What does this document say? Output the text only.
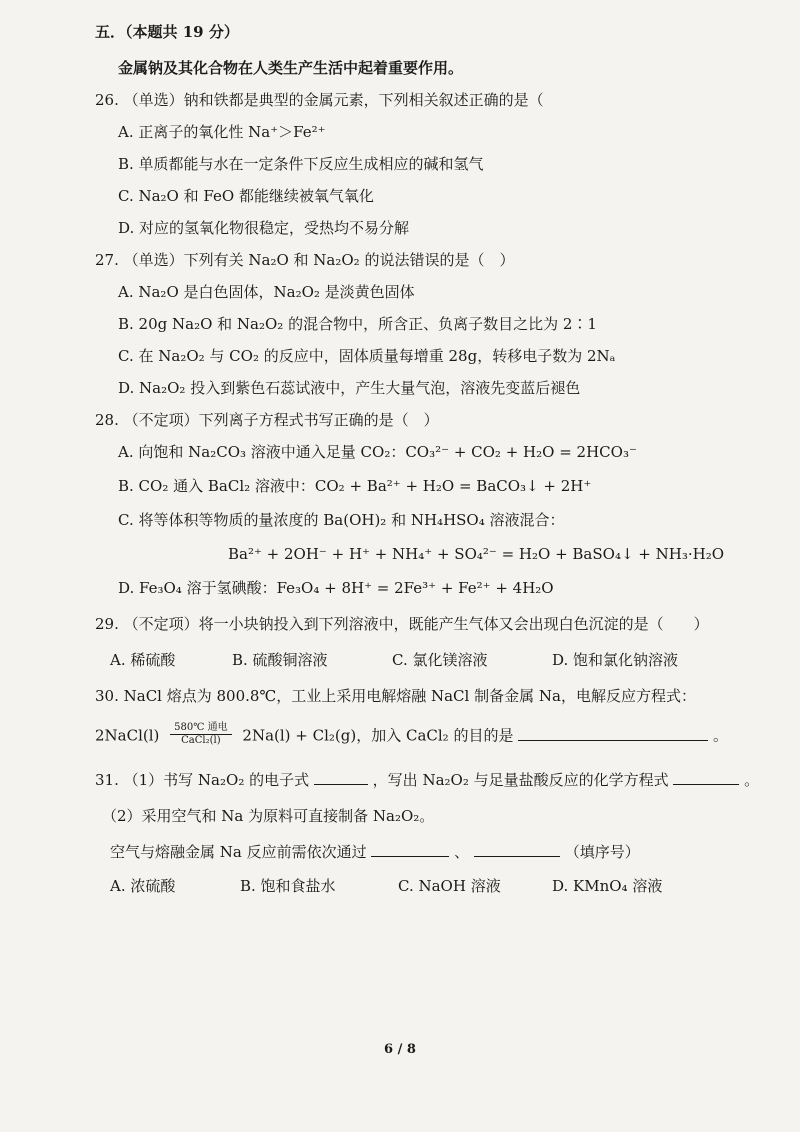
五．（本题共 19 分）
金属钠及其化合物在人类生产生活中起着重要作用。
26. （单选）钠和铁都是典型的金属元素，下列相关叙述正确的是（
A. 正离子的氧化性 Na⁺＞Fe²⁺
B. 单质都能与水在一定条件下反应生成相应的碱和氢气
C. Na₂O 和 FeO 都能继续被氧气氧化
D. 对应的氢氧化物很稳定，受热均不易分解
27. （单选）下列有关 Na₂O 和 Na₂O₂ 的说法错误的是（　）
A. Na₂O 是白色固体，Na₂O₂ 是淡黄色固体
B. 20g Na₂O 和 Na₂O₂ 的混合物中，所含正、负离子数目之比为 2∶1
C. 在 Na₂O₂ 与 CO₂ 的反应中，固体质量每增重 28g，转移电子数为 2Nₐ
D. Na₂O₂ 投入到紫色石蕊试液中，产生大量气泡，溶液先变蓝后褪色
28. （不定项）下列离子方程式书写正确的是（　）
A. 向饱和 Na₂CO₃ 溶液中通入足量 CO₂：CO₃²⁻ + CO₂ + H₂O = 2HCO₃⁻
B. CO₂ 通入 BaCl₂ 溶液中：CO₂ + Ba²⁺ + H₂O = BaCO₃↓ + 2H⁺
C. 将等体积等物质的量浓度的 Ba(OH)₂ 和 NH₄HSO₄ 溶液混合：
Ba²⁺ + 2OH⁻ + H⁺ + NH₄⁺ + SO₄²⁻ = H₂O + BaSO₄↓ + NH₃·H₂O
D. Fe₃O₄ 溶于氢碘酸：Fe₃O₄ + 8H⁺ = 2Fe³⁺ + Fe²⁺ + 4H₂O
29. （不定项）将一小块钠投入到下列溶液中，既能产生气体又会出现白色沉淀的是（　　）
A. 稀硫酸	B. 硫酸铜溶液	C. 氯化镁溶液	D. 饱和氯化钠溶液
30. NaCl 熔点为 800.8℃，工业上采用电解熔融 NaCl 制备金属 Na，电解反应方程式：
2NaCl(l)	580℃ 通电
CaCl₂(l)	2Na(l) + Cl₂(g)，加入 CaCl₂ 的目的是	。
31. （1）书写 Na₂O₂ 的电子式	，写出 Na₂O₂ 与足量盐酸反应的化学方程式	。
（2）采用空气和 Na 为原料可直接制备 Na₂O₂。
空气与熔融金属 Na 反应前需依次通过	、	（填序号）
A. 浓硫酸	B. 饱和食盐水	C. NaOH 溶液	D. KMnO₄ 溶液
6 / 8
